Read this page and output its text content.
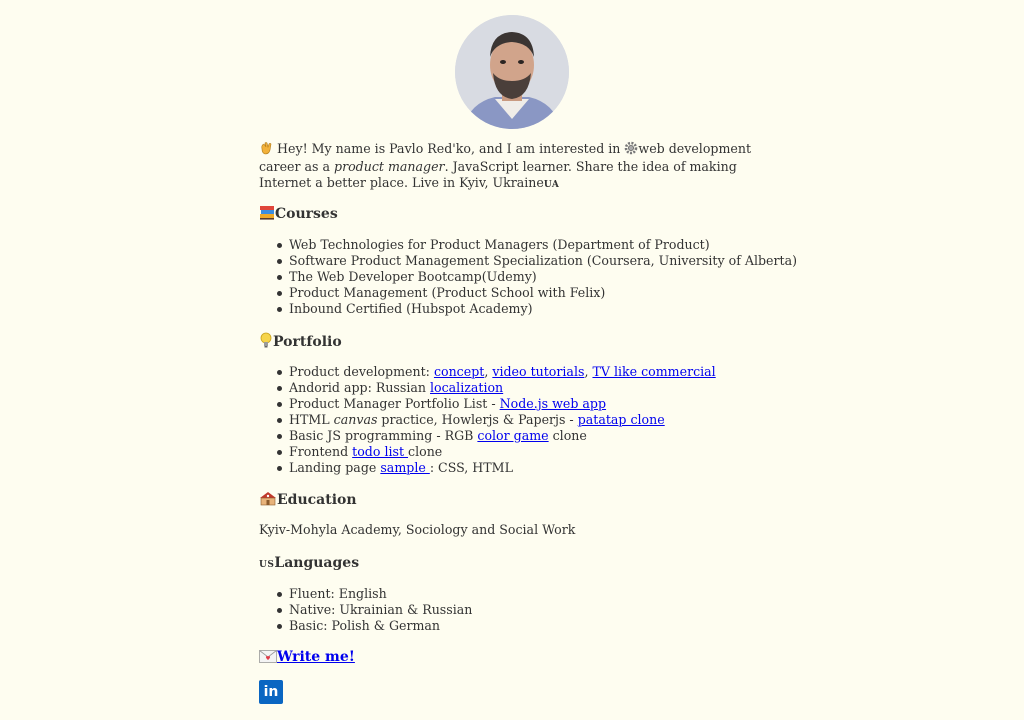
Hey! My name is Pavlo Red'ko, and I am interested in web development career as a product manager. JavaScript learner. Share the idea of making Internet a better place. Live in Kyiv, UkraineUA

Courses
Web Technologies for Product Managers (Department of Product)
Software Product Management Specialization (Coursera, University of Alberta)
The Web Developer Bootcamp(Udemy)
Product Management (Product School with Felix)
Inbound Certified (Hubspot Academy)
Portfolio
Product development: concept, video tutorials, TV like commercial
Andorid app: Russian localization
Product Manager Portfolio List - Node.js web app
HTML canvas practice, Howlerjs & Paperjs - patatap clone
Basic JS programming - RGB color game clone
Frontend todo list clone
Landing page sample : CSS, HTML
Education

Kyiv-Mohyla Academy, Sociology and Social Work

USLanguages
Fluent: English
Native: Ukrainian & Russian
Basic: Polish & German
Write me!
in
